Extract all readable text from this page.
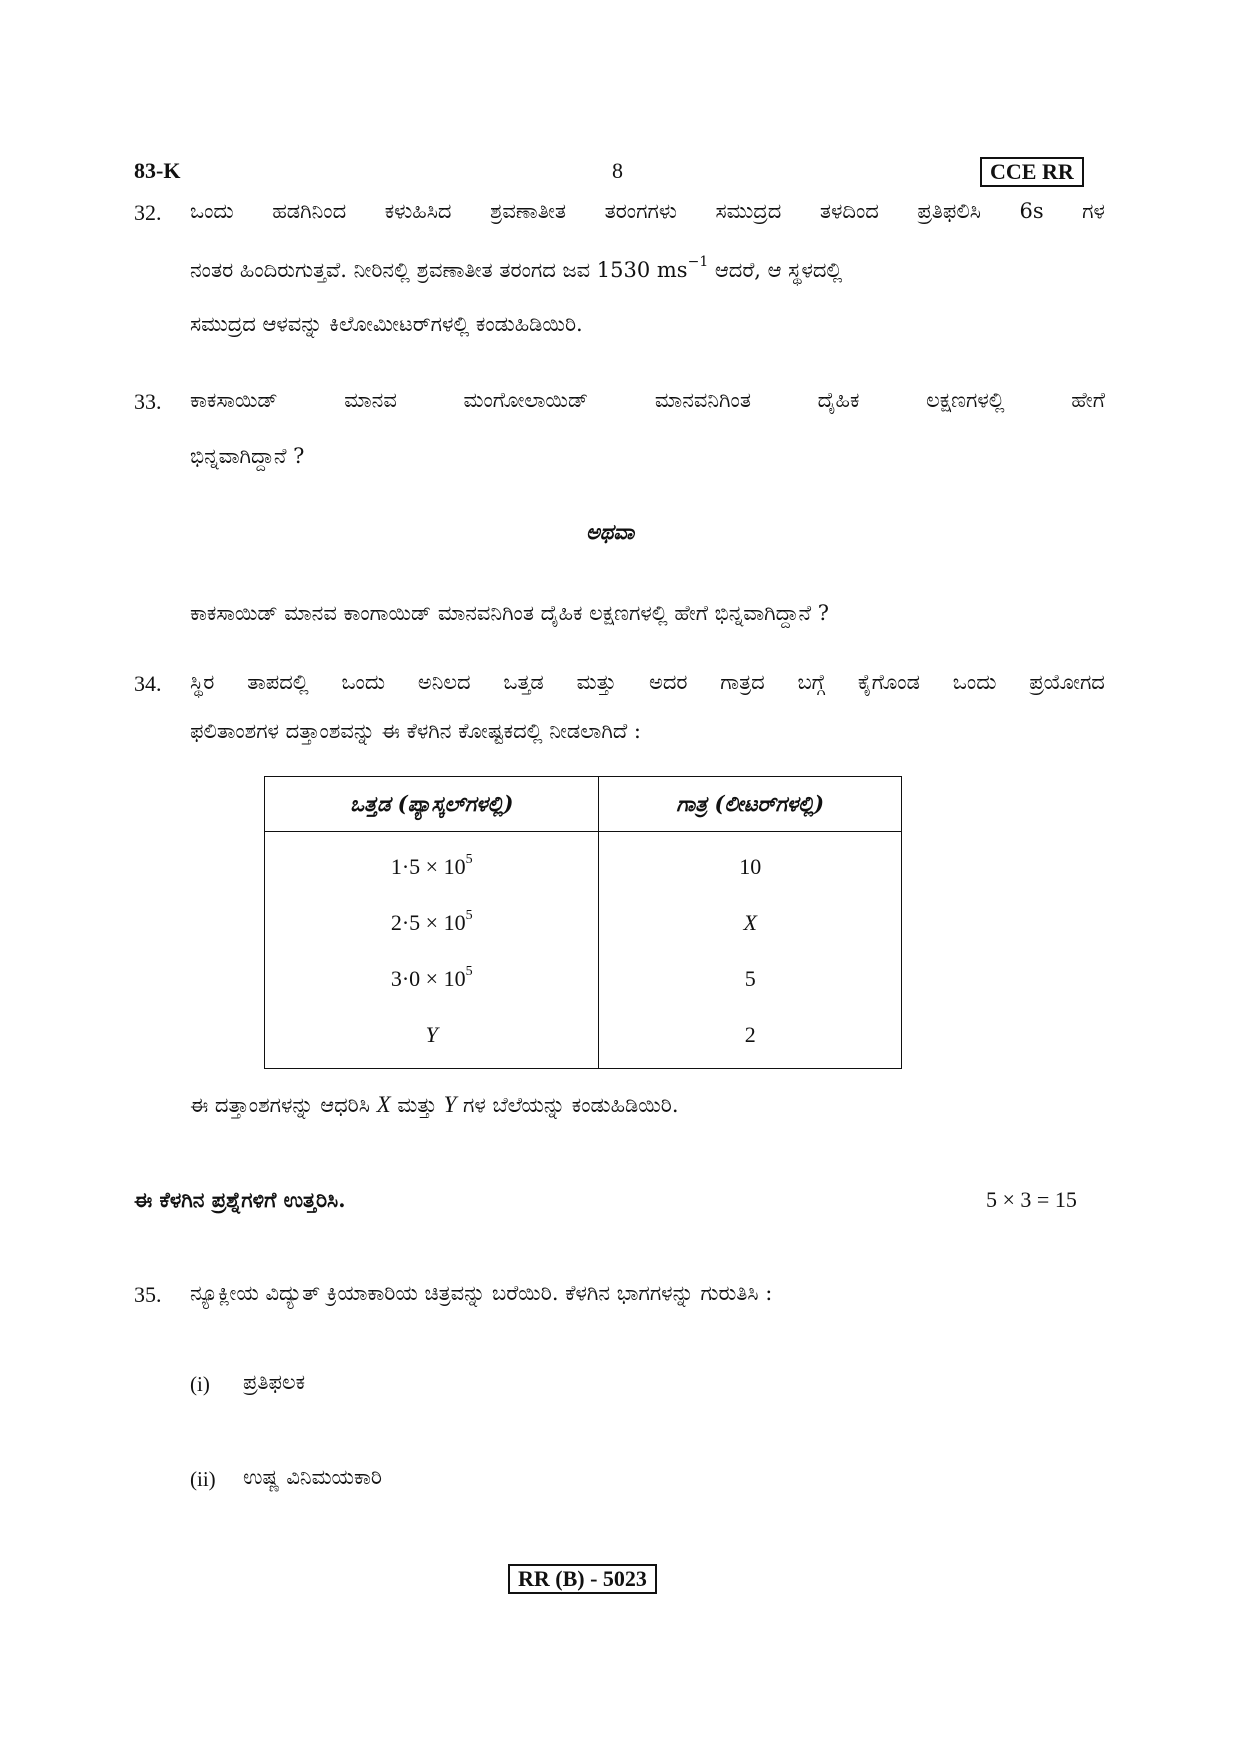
83-K	8	CCE RR
32. ಒಂದು ಹಡಗಿನಿಂದ ಕಳುಹಿಸಿದ ಶ್ರವಣಾತೀತ ತರಂಗಗಳು ಸಮುದ್ರದ ತಳದಿಂದ ಪ್ರತಿಫಲಿಸಿ 6s ಗಳ
ನಂತರ ಹಿಂದಿರುಗುತ್ತವೆ. ನೀರಿನಲ್ಲಿ ಶ್ರವಣಾತೀತ ತರಂಗದ ಜವ 1530 $ms^{-1}$ ಆದರೆ, ಆ ಸ್ಥಳದಲ್ಲಿ
ಸಮುದ್ರದ ಆಳವನ್ನು ಕಿಲೋಮೀಟರ್‌ಗಳಲ್ಲಿ ಕಂಡುಹಿಡಿಯಿರಿ.
33. ಕಾಕಸಾಯಿಡ್	ಮಾನವ	ಮಂಗೋಲಾಯಿಡ್	ಮಾನವನಿಗಿಂತ	ದೈಹಿಕ	ಲಕ್ಷಣಗಳಲ್ಲಿ	ಹೇಗೆ
ಭಿನ್ನವಾಗಿದ್ದಾನೆ ?
ಅಥವಾ
ಕಾಕಸಾಯಿಡ್ ಮಾನವ ಕಾಂಗಾಯಿಡ್ ಮಾನವನಿಗಿಂತ ದೈಹಿಕ ಲಕ್ಷಣಗಳಲ್ಲಿ ಹೇಗೆ ಭಿನ್ನವಾಗಿದ್ದಾನೆ ?
34. ಸ್ಥಿರ ತಾಪದಲ್ಲಿ ಒಂದು ಅನಿಲದ ಒತ್ತಡ ಮತ್ತು ಅದರ ಗಾತ್ರದ ಬಗ್ಗೆ ಕೈಗೊಂಡ ಒಂದು ಪ್ರಯೋಗದ
ಫಲಿತಾಂಶಗಳ ದತ್ತಾಂಶವನ್ನು ಈ ಕೆಳಗಿನ ಕೋಷ್ಟಕದಲ್ಲಿ ನೀಡಲಾಗಿದೆ :
ಒತ್ತಡ (ಪ್ಯಾಸ್ಕಲ್‌ಗಳಲ್ಲಿ)	ಗಾತ್ರ (ಲೀಟರ್‌ಗಳಲ್ಲಿ)
$1\cdot 5 \times 10^5$	10
$2\cdot 5 \times 10^5$	X
$3\cdot 0 \times 10^5$	5
Y	2
ಈ ದತ್ತಾಂಶಗಳನ್ನು ಆಧರಿಸಿ X ಮತ್ತು Y ಗಳ ಬೆಲೆಯನ್ನು ಕಂಡುಹಿಡಿಯಿರಿ.
ಈ ಕೆಳಗಿನ ಪ್ರಶ್ನೆಗಳಿಗೆ ಉತ್ತರಿಸಿ.	5 × 3 = 15
35. ನ್ಯೂಕ್ಲೀಯ ವಿದ್ಯುತ್ ಕ್ರಿಯಾಕಾರಿಯ ಚಿತ್ರವನ್ನು ಬರೆಯಿರಿ. ಕೆಳಗಿನ ಭಾಗಗಳನ್ನು ಗುರುತಿಸಿ :
(i) ಪ್ರತಿಫಲಕ
(ii) ಉಷ್ಣ ವಿನಿಮಯಕಾರಿ
RR (B) - 5023
